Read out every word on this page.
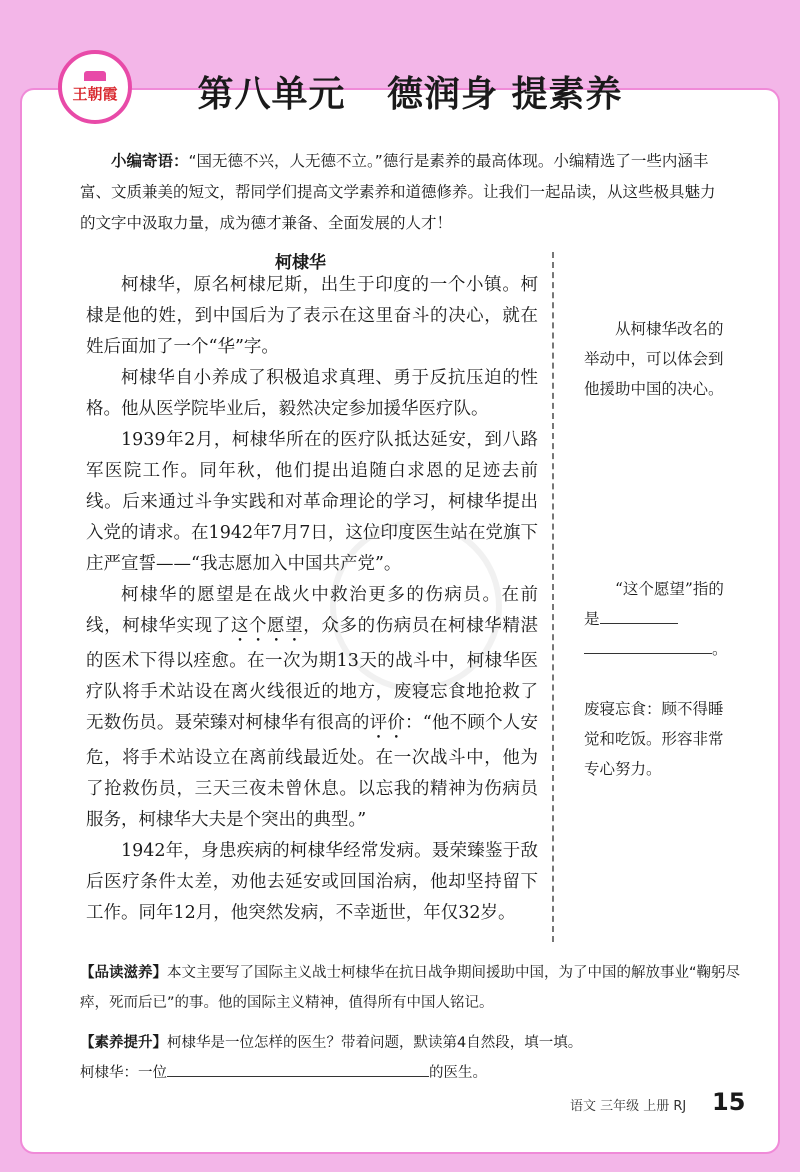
王朝霞	第八单元 德润身 提素养
小编寄语：“国无德不兴，人无德不立。”德行是素养的最高体现。小编精选了一些内涵丰富、文质兼美的短文，帮同学们提高文学素养和道德修养。让我们一起品读，从这些极具魅力的文字中汲取力量，成为德才兼备、全面发展的人才！
柯棣华

柯棣华，原名柯棣尼斯，出生于印度的一个小镇。柯棣是他的姓，到中国后为了表示在这里奋斗的决心，就在姓后面加了一个“华”字。

柯棣华自小养成了积极追求真理、勇于反抗压迫的性格。他从医学院毕业后，毅然决定参加援华医疗队。

1939年2月，柯棣华所在的医疗队抵达延安，到八路军医院工作。同年秋，他们提出追随白求恩的足迹去前线。后来通过斗争实践和对革命理论的学习，柯棣华提出入党的请求。在1942年7月7日，这位印度医生站在党旗下庄严宣誓——“我志愿加入中国共产党”。

柯棣华的愿望是在战火中救治更多的伤病员。在前线，柯棣华实现了这个愿望，众多的伤病员在柯棣华精湛的医术下得以痊愈。在一次为期13天的战斗中，柯棣华医疗队将手术站设在离火线很近的地方，废寝忘食地抢救了无数伤员。聂荣臻对柯棣华有很高的评价：“他不顾个人安危，将手术站设立在离前线最近处。在一次战斗中，他为了抢救伤员，三天三夜未曾休息。以忘我的精神为伤病员服务，柯棣华大夫是个突出的典型。”

1942年，身患疾病的柯棣华经常发病。聂荣臻鉴于敌后医疗条件太差，劝他去延安或回国治病，他却坚持留下工作。同年12月，他突然发病，不幸逝世，年仅32岁。

从柯棣华改名的举动中，可以体会到他援助中国的决心。

“这个愿望”指的是

。
废寝忘食：顾不得睡觉和吃饭。形容非常专心努力。
【品读滋养】本文主要写了国际主义战士柯棣华在抗日战争期间援助中国，为了中国的解放事业“鞠躬尽瘁，死而后已”的事。他的国际主义精神，值得所有中国人铭记。
【素养提升】柯棣华是一位怎样的医生？带着问题，默读第4自然段，填一填。
柯棣华：一位	的医生。
语文 三年级 上册 RJ 15
